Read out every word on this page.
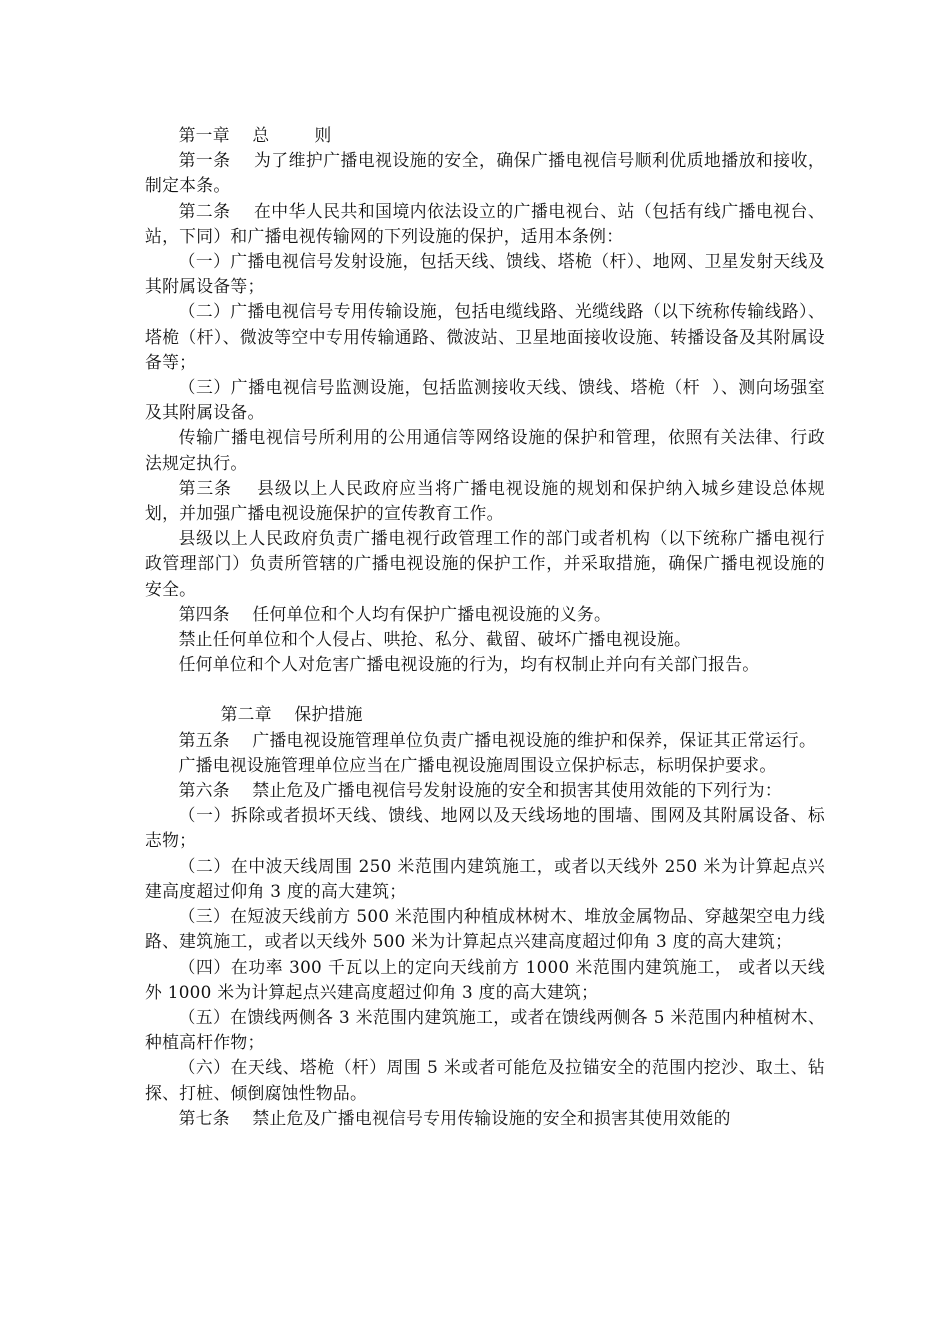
第一章    总        则

第一条    为了维护广播电视设施的安全，确保广播电视信号顺利优质地播放和接收，制定本条。

第二条    在中华人民共和国境内依法设立的广播电视台、站（包括有线广播电视台、站，下同）和广播电视传输网的下列设施的保护，适用本条例：

（一）广播电视信号发射设施，包括天线、馈线、塔桅（杆）、地网、卫星发射天线及其附属设备等；

（二）广播电视信号专用传输设施，包括电缆线路、光缆线路（以下统称传输线路）、塔桅（杆）、微波等空中专用传输通路、微波站、卫星地面接收设施、转播设备及其附属设备等；

（三）广播电视信号监测设施，包括监测接收天线、馈线、塔桅（杆  ）、测向场强室及其附属设备。

传输广播电视信号所利用的公用通信等网络设施的保护和管理，依照有关法律、行政法规定执行。

第三条    县级以上人民政府应当将广播电视设施的规划和保护纳入城乡建设总体规划，并加强广播电视设施保护的宣传教育工作。

县级以上人民政府负责广播电视行政管理工作的部门或者机构（以下统称广播电视行政管理部门）负责所管辖的广播电视设施的保护工作，并采取措施，确保广播电视设施的安全。

第四条    任何单位和个人均有保护广播电视设施的义务。

禁止任何单位和个人侵占、哄抢、私分、截留、破坏广播电视设施。

任何单位和个人对危害广播电视设施的行为，均有权制止并向有关部门报告。

第二章    保护措施

第五条    广播电视设施管理单位负责广播电视设施的维护和保养，保证其正常运行。

广播电视设施管理单位应当在广播电视设施周围设立保护标志，标明保护要求。

第六条    禁止危及广播电视信号发射设施的安全和损害其使用效能的下列行为：

（一）拆除或者损坏天线、馈线、地网以及天线场地的围墙、围网及其附属设备、标志物；

（二）在中波天线周围 250 米范围内建筑施工，或者以天线外 250 米为计算起点兴建高度超过仰角 3 度的高大建筑；

（三）在短波天线前方 500 米范围内种植成林树木、堆放金属物品、穿越架空电力线路、建筑施工，或者以天线外 500 米为计算起点兴建高度超过仰角 3 度的高大建筑；

（四）在功率 300 千瓦以上的定向天线前方 1000 米范围内建筑施工， 或者以天线外 1000 米为计算起点兴建高度超过仰角 3 度的高大建筑；

（五）在馈线两侧各 3 米范围内建筑施工，或者在馈线两侧各 5 米范围内种植树木、种植高杆作物；

（六）在天线、塔桅（杆）周围 5 米或者可能危及拉锚安全的范围内挖沙、取土、钻探、打桩、倾倒腐蚀性物品。

第七条    禁止危及广播电视信号专用传输设施的安全和损害其使用效能的
